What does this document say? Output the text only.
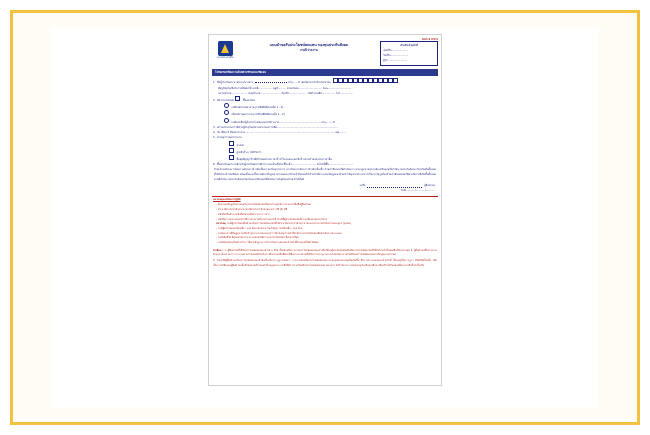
พจก.2 บ5/3
กรุงเทพประกันชีวิต
แบบคำขอรับประโยชน์ทดแทน กองทุนประกันสังคม
กรณีว่างงาน
สำหรับเจ้าหน้าที่
เลขที่รับ.....................
วันที่รับ......................
ผู้รับ.........................
โปรดกรอกข้อความด้วยตัวบรรจงและชัดเจน
1. ชื่อผู้ประกันตน นาย/นาง/นางสาว	อายุ.......ปี เลขบัตรประจำตัวประชาชน
ที่อยู่ปัจจุบัน/ที่สามารถติดต่อได้ เลขที่................. หมู่ที่.......... ตรอก/ซอย............................. ถนน.............................
แขวง/ตำบล.................... เขต/อำเภอ......................... จังหวัด...................... รหัสไปรษณีย์................ โทร................
2. มีความประสงค์	ขึ้นทะเบียน
เปลี่ยนสถานพยาบาล (กรณีมีสิทธิตามข้อ 1 - 2)
เลือกสถานพยาบาล (กรณีไม่มีสิทธิตามข้อ 1 - 2)
เปลี่ยน/เลือกผู้รับประโยชน์แทนกรณีว่างงาน................................................... อายุ.........ปี
3. สถานประกอบการที่ทำอยู่ปัจจุบัน/สถานประกอบการเดิม...........................................................................
4. วัน เดือน ปี ที่ออกจากงาน...............................................................................................................เหตุ........
5. สาเหตุการออกจากงาน
ลาออก
ถูกเลิกจ้าง / เลิกกิจการ
สิ้นสุดสัญญาจ้างที่มีกำหนดระยะเวลาจ้างไว้แน่นอนและเลิกจ้างตามกำหนดระยะเวลานั้น
6. ขึ้นทะเบียนหางานสำหรับผู้ประกันตนกรณีว่างงานแล้วหรือไม่ ขึ้นแล้ว.............................. ยังไม่ได้ขึ้น..............................
ข้าพเจ้าขอรับรองว่าข้อความดังกล่าวข้างต้นเป็นความจริงทุกประการ หากข้อความดังกล่าวข้างต้นเป็นเท็จ ข้าพเจ้ายินยอมให้ดำเนินการ ตามกฎหมายทุกกรณีและยินยอมให้สำนักงานประกันสังคม เรียกเงินคืนทั้งหมดที่ได้รับไปแล้วโดยมิชอบ พร้อมทั้งดอกเบี้ยตามอัตราที่กฎหมายกำหนดและข้าพเจ้ายินยอมให้เจ้าหน้าที่ตรวจสอบข้อมูลของข้าพเจ้าได้ทุกกรณี และหากเป็นการไม่ถูกต้องข้าพเจ้ายินยอมชดใช้ค่าเสียหายที่เกิดขึ้นทั้งหมดตามที่สำนักงานประกันสังคมเรียกร้องและยินยอมให้หักเงินจากบัญชีของข้าพเจ้าได้ทันที
ลงชื่อ	ผู้ยื่นคำขอ
วันที่............/............/............
หมายเหตุและข้อควรปฏิบัติ
- ต้องกรอกข้อมูลในแบบขอรับประโยชน์ทดแทนให้ครบถ้วนทุกข้อ และลงลายมือชื่อผู้ยื่นคำขอ
- สำเนาบัตรประจำตัวประชาชน/บัตรประจำตัวตามมาตรา 38 (4) ที่มี
- หนังสือหรือสำเนาหนังสือรับรองข้อความการว่าจ้าง
- หนังสือ/การตรวจสอบประวัติการจ้างงานที่นายจ้างออกให้ (กรณีที่ผู้ประกันตนเคยมีการเปลี่ยนแปลงนายจ้าง)
หมายเหตุ กรณีผู้ประกันตนยื่นคำขอรับประโยชน์ทดแทนให้ใช้สำเนาบัตรประจำตัวประชาชนและสำเนาทะเบียนบ้านของบุตร (ทุกคน)
- กรณีผู้ประกันตนเปลี่ยนชื่อ - สกุล ต้องแนบสำเนาใบสำคัญการเปลี่ยนชื่อ - สกุล ด้วย
- กรณีเอกสารที่ยื่นสูญหายหรือชำรุดบางส่วนของเอกสาร ให้แจ้งต่อเจ้าหน้าที่สำนักงานประกันสังคมเพื่อดำเนินการตรวจสอบ
- กรณีเสียชีวิต ติดต่อสำนักงาน ณ แผนกสวัสดิการและประกันสังคม ที่สะดวกที่สุด
- กรณีเงินสมทบ/เงินค้างชำระ ให้นำหลักฐานการชำระเงินมาแสดงต่อเจ้าหน้าที่ด้วยทุกครั้งที่มาติดต่อ
คำเตือน : 1. ผู้ยื่นคำขอที่ได้รับประโยชน์ทดแทนแล้วไม่ว่า มิใช่ เป็นเงินหรือการจ่ายประโยชน์ทดแทนอย่างอื่นให้แก่ผู้ประกันตนต้องคืนเงินประโยชน์ทดแทนที่ได้รับไปแล้วทั้งหมดคืนให้แก่กองทุน 2. ผู้ยื่นคำขอที่ไม่รายงานตัวและแจ้งสถานะการว่างงานตามกำหนดหรือไม่รับการฝึกอบรมหรือพัฒนาฝีมือแรงงานตามที่ได้รับการบรรจุงานจากสำนักจัดหางานไม่ได้รับประโยชน์ทดแทนตามที่กฎหมายกำหนด
3. ในกรณีมีผู้ยื่นคำขอรับประโยชน์ทดแทนแล้วข้อเท็จจริงปรากฏภายหลังว่า การจ่ายเงินหรือประโยชน์ทดแทนจากกองทุนของกองทุนนั้นเกิดขึ้น ซึ่งการตรวจสอบของเจ้าหน้าที่ เป็นเหตุให้ปรากฏว่า หรือมิได้เป็นเท็จ หรือเป็นการฝ่าฝืนของผู้ยื่นคำขอนั้นมีโทษตามที่กำหนดไว้ในกฎหมาย และมิให้มีการจ่ายเงินหรือประโยชน์ทดแทนตามมาตรา 107 ต้องระวางโทษจำคุกไม่เกินหกเดือน หรือปรับไม่เกินสองหมื่นบาท หรือทั้งจำทั้งปรับ
